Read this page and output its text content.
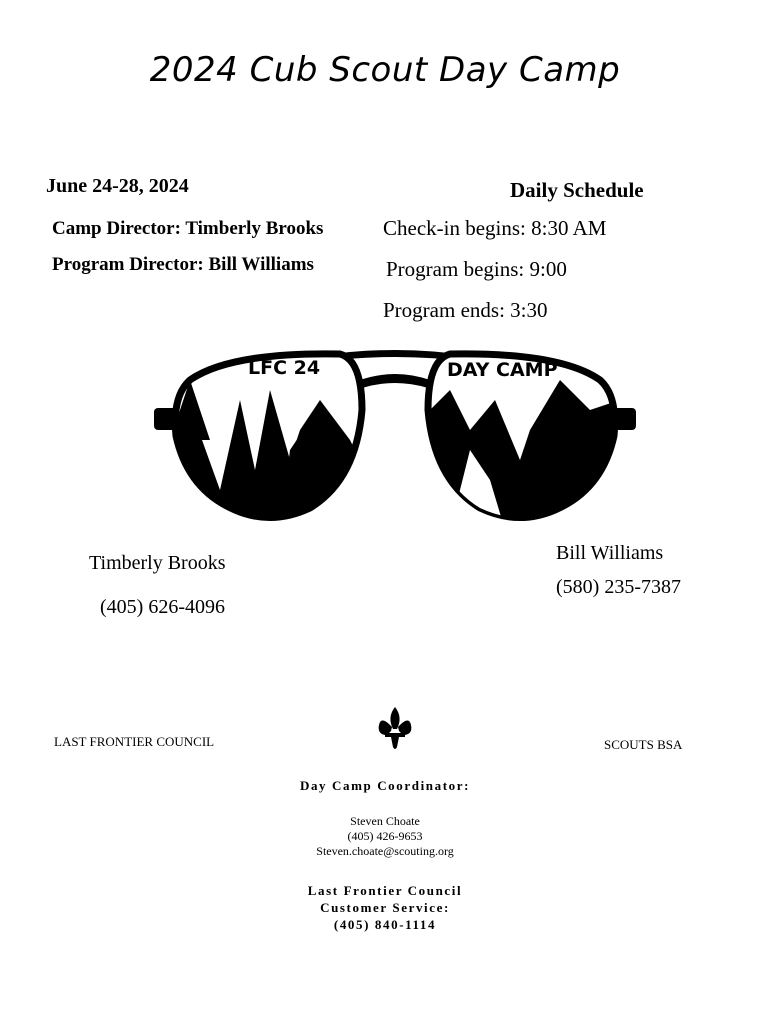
2024 Cub Scout Day Camp
June 24-28, 2024
Camp Director: Timberly Brooks
Program Director: Bill Williams
Daily Schedule
Check-in begins: 8:30 AM
Program begins: 9:00
Program ends: 3:30
LFC 24	DAY CAMP
Timberly Brooks
(405) 626-4096
Bill Williams
(580) 235-7387
LAST FRONTIER COUNCIL	SCOUTS BSA
Day Camp Coordinator:
Steven Choate
(405) 426-9653
Steven.choate@scouting.org
Last Frontier Council
Customer Service:
(405) 840-1114
